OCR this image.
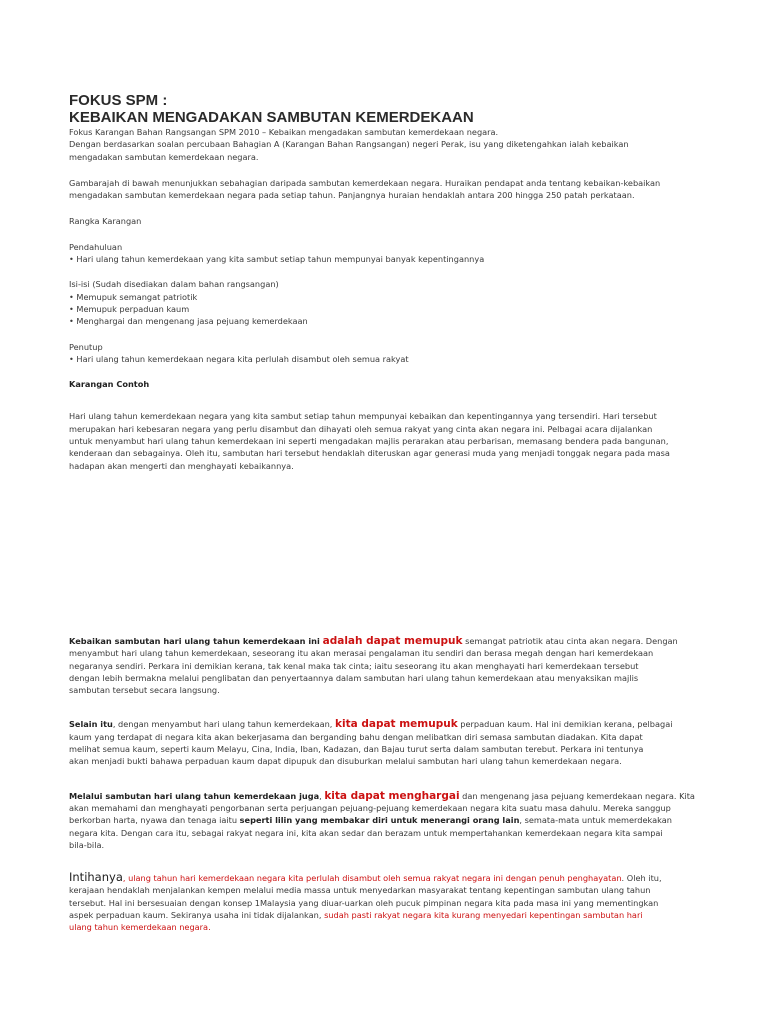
FOKUS SPM :
KEBAIKAN MENGADAKAN SAMBUTAN KEMERDEKAAN

Fokus Karangan Bahan Rangsangan SPM 2010 – Kebaikan mengadakan sambutan kemerdekaan negara.

Dengan berdasarkan soalan percubaan Bahagian A (Karangan Bahan Rangsangan) negeri Perak, isu yang diketengahkan ialah kebaikan

mengadakan sambutan kemerdekaan negara.

Gambarajah di bawah menunjukkan sebahagian daripada sambutan kemerdekaan negara. Huraikan pendapat anda tentang kebaikan-kebaikan

mengadakan sambutan kemerdekaan negara pada setiap tahun. Panjangnya huraian hendaklah antara 200 hingga 250 patah perkataan.

Rangka Karangan

Pendahuluan

• Hari ulang tahun kemerdekaan yang kita sambut setiap tahun mempunyai banyak kepentingannya

Isi-isi (Sudah disediakan dalam bahan rangsangan)

• Memupuk semangat patriotik

• Memupuk perpaduan kaum

• Menghargai dan mengenang jasa pejuang kemerdekaan

Penutup

• Hari ulang tahun kemerdekaan negara kita perlulah disambut oleh semua rakyat

Karangan Contoh

Hari ulang tahun kemerdekaan negara yang kita sambut setiap tahun mempunyai kebaikan dan kepentingannya yang tersendiri. Hari tersebut

merupakan hari kebesaran negara yang perlu disambut dan dihayati oleh semua rakyat yang cinta akan negara ini. Pelbagai acara dijalankan

untuk menyambut hari ulang tahun kemerdekaan ini seperti mengadakan majlis perarakan atau perbarisan, memasang bendera pada bangunan,

kenderaan dan sebagainya. Oleh itu, sambutan hari tersebut hendaklah diteruskan agar generasi muda yang menjadi tonggak negara pada masa

hadapan akan mengerti dan menghayati kebaikannya.

Kebaikan sambutan hari ulang tahun kemerdekaan ini adalah dapat memupuk semangat patriotik atau cinta akan negara. Dengan

menyambut hari ulang tahun kemerdekaan, seseorang itu akan merasai pengalaman itu sendiri dan berasa megah dengan hari kemerdekaan

negaranya sendiri. Perkara ini demikian kerana, tak kenal maka tak cinta; iaitu seseorang itu akan menghayati hari kemerdekaan tersebut

dengan lebih bermakna melalui penglibatan dan penyertaannya dalam sambutan hari ulang tahun kemerdekaan atau menyaksikan majlis

sambutan tersebut secara langsung.

Selain itu, dengan menyambut hari ulang tahun kemerdekaan, kita dapat memupuk perpaduan kaum. Hal ini demikian kerana, pelbagai

kaum yang terdapat di negara kita akan bekerjasama dan berganding bahu dengan melibatkan diri semasa sambutan diadakan. Kita dapat

melihat semua kaum, seperti kaum Melayu, Cina, India, Iban, Kadazan, dan Bajau turut serta dalam sambutan terebut. Perkara ini tentunya

akan menjadi bukti bahawa perpaduan kaum dapat dipupuk dan disuburkan melalui sambutan hari ulang tahun kemerdekaan negara.

Melalui sambutan hari ulang tahun kemerdekaan juga, kita dapat menghargai dan mengenang jasa pejuang kemerdekaan negara. Kita

akan memahami dan menghayati pengorbanan serta perjuangan pejuang-pejuang kemerdekaan negara kita suatu masa dahulu. Mereka sanggup

berkorban harta, nyawa dan tenaga iaitu seperti lilin yang membakar diri untuk menerangi orang lain, semata-mata untuk memerdekakan

negara kita. Dengan cara itu, sebagai rakyat negara ini, kita akan sedar dan berazam untuk mempertahankan kemerdekaan negara kita sampai

bila-bila.

Intihanya, ulang tahun hari kemerdekaan negara kita perlulah disambut oleh semua rakyat negara ini dengan penuh penghayatan. Oleh itu,

kerajaan hendaklah menjalankan kempen melalui media massa untuk menyedarkan masyarakat tentang kepentingan sambutan ulang tahun

tersebut. Hal ini bersesuaian dengan konsep 1Malaysia yang diuar-uarkan oleh pucuk pimpinan negara kita pada masa ini yang mementingkan

aspek perpaduan kaum. Sekiranya usaha ini tidak dijalankan, sudah pasti rakyat negara kita kurang menyedari kepentingan sambutan hari

ulang tahun kemerdekaan negara.
